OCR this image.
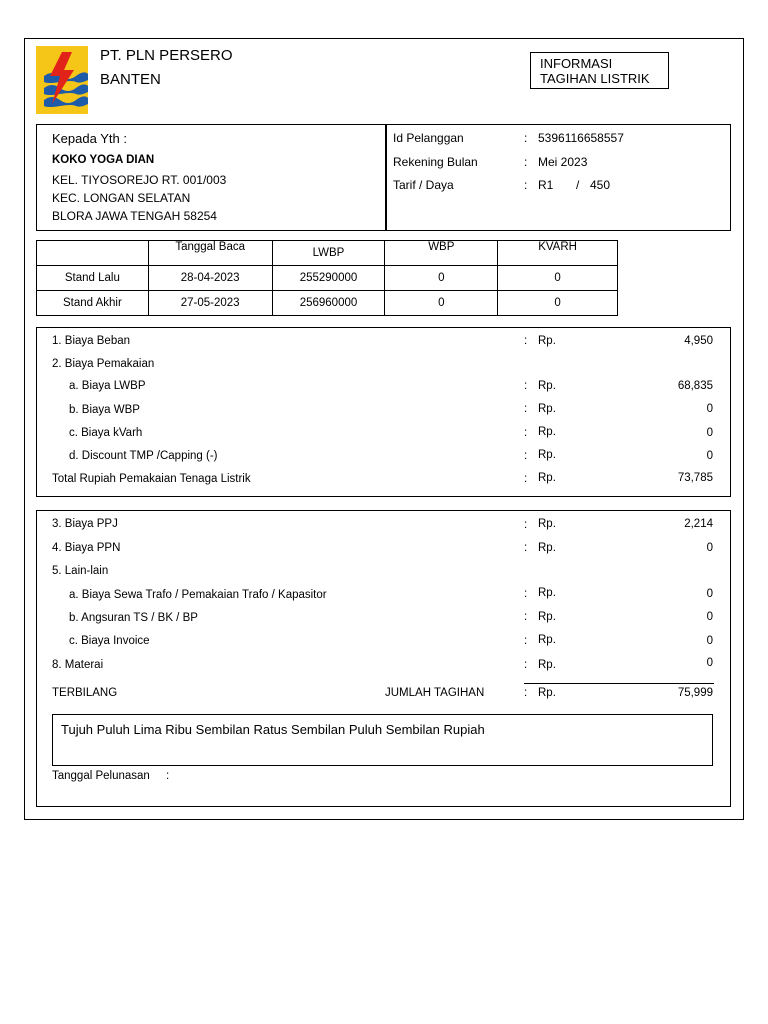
PT. PLN PERSERO
BANTEN
INFORMASI
TAGIHAN LISTRIK
Kepada Yth :
KOKO YOGA DIAN
KEL. TIYOSOREJO RT. 001/003
KEC. LONGAN SELATAN
BLORA JAWA TENGAH 58254
Id Pelanggan	: 5396116658557
Rekening Bulan	: Mei 2023
Tarif / Daya	: R1 / 450
	Tanggal Baca	LWBP	WBP	KVARH
Stand Lalu	28-04-2023	255290000	0	0
Stand Akhir	27-05-2023	256960000	0	0
1. Biaya Beban	: Rp.	4,950
2. Biaya Pemakaian
a. Biaya LWBP	: Rp.	68,835
b. Biaya WBP	: Rp.	0
c. Biaya kVarh	: Rp.	0
d. Discount TMP /Capping (-)	: Rp.	0
Total Rupiah Pemakaian Tenaga Listrik	: Rp.	73,785
3. Biaya PPJ	: Rp.	2,214
4. Biaya PPN	: Rp.	0
5. Lain-lain
a. Biaya Sewa Trafo / Pemakaian Trafo / Kapasitor	: Rp.	0
b. Angsuran TS / BK / BP	: Rp.	0
c. Biaya Invoice	: Rp.	0
8. Materai	: Rp.	0
TERBILANG	JUMLAH TAGIHAN	: Rp.	75,999
Tujuh Puluh Lima Ribu Sembilan Ratus Sembilan Puluh Sembilan Rupiah
Tanggal Pelunasan :
